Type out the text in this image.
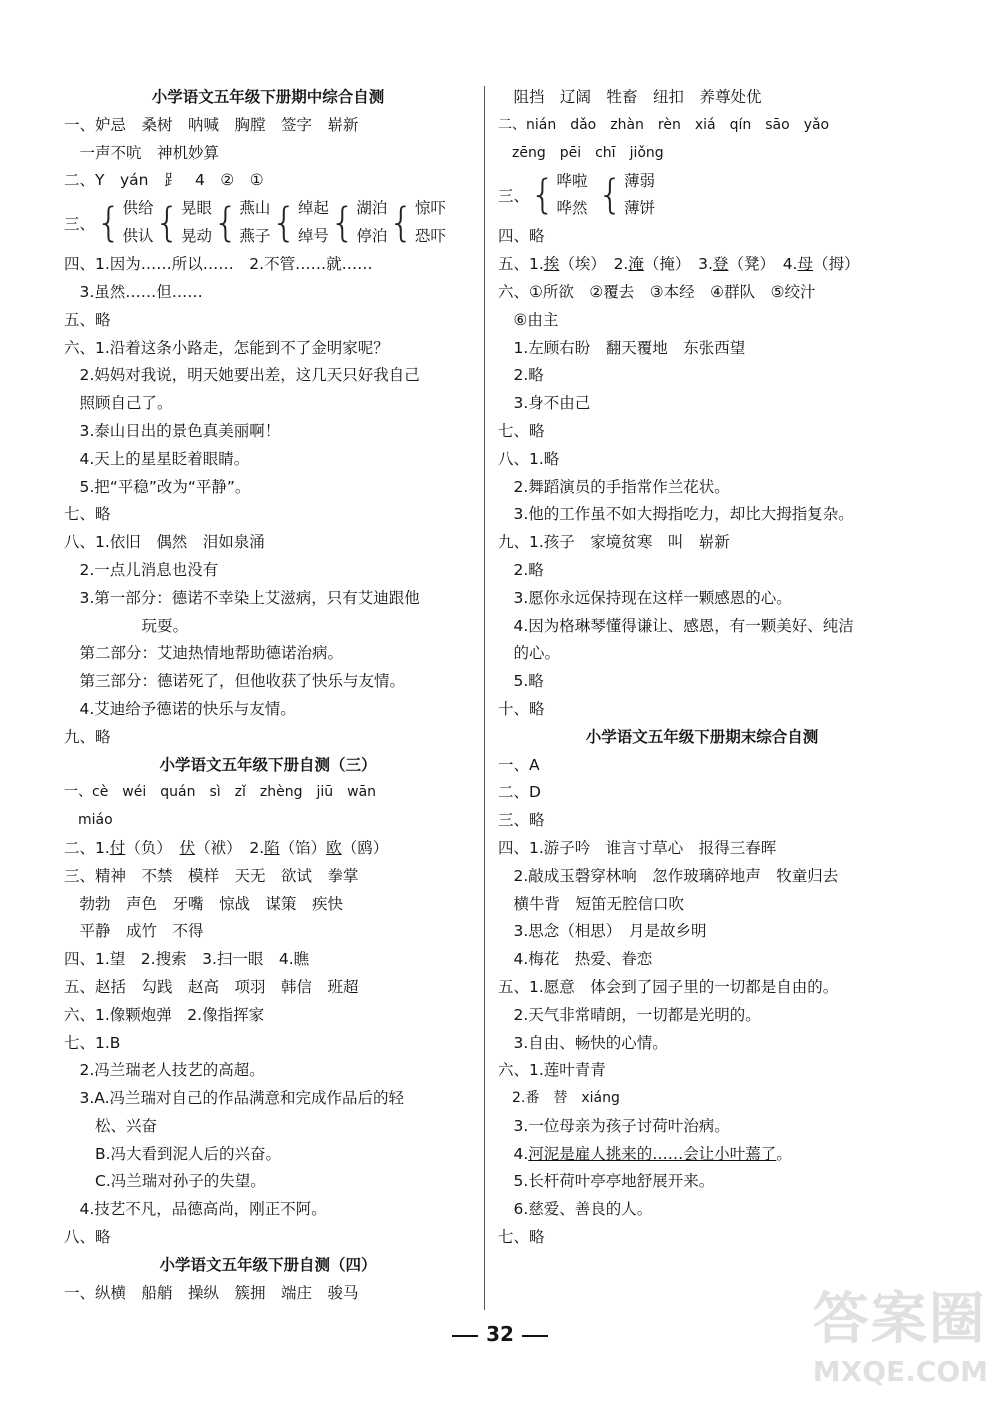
小学语文五年级下册期中综合自测
一、妒忌　桑树　呐喊　胸膛　签字　崭新
　一声不吭　神机妙算
二、Y　yán　⻊　4　②　①
三、 { 供给
供认 { 晃眼
晃动 { 燕山
燕子 { 绰起
绰号 { 湖泊
停泊 { 惊吓
恐吓
四、1.因为……所以……　2.不管……就……
　3.虽然……但……
五、略
六、1.沿着这条小路走，怎能到不了金明家呢？
　2.妈妈对我说，明天她要出差，这几天只好我自己
　照顾自己了。
　3.泰山日出的景色真美丽啊！
　4.天上的星星眨着眼睛。
　5.把“平稳”改为“平静”。
七、略
八、1.依旧　偶然　泪如泉涌
　2.一点儿消息也没有
　3.第一部分：德诺不幸染上艾滋病，只有艾迪跟他
　　　　　玩耍。
　第二部分：艾迪热情地帮助德诺治病。
　第三部分：德诺死了，但他收获了快乐与友情。
　4.艾迪给予德诺的快乐与友情。
九、略
小学语文五年级下册自测（三）
一、cè　wéi　quán　sì　zǐ　zhèng　jiū　wān
　miáo
二、1.付（负）　伏（袱）　2.陷（馅）欧（鸥）
三、精神　不禁　模样　天无　欲试　拳掌
　勃勃　声色　牙嘴　惊战　谋策　疾快
　平静　成竹　不得
四、1.望　2.搜索　3.扫一眼　4.瞧
五、赵括　勾践　赵高　项羽　韩信　班超
六、1.像颗炮弹　2.像指挥家
七、1.B
　2.冯兰瑞老人技艺的高超。
　3.A.冯兰瑞对自己的作品满意和完成作品后的轻
　　松、兴奋
　　B.冯大看到泥人后的兴奋。
　　C.冯兰瑞对孙子的失望。
　4.技艺不凡，品德高尚，刚正不阿。
八、略
小学语文五年级下册自测（四）
一、纵横　船艄　操纵　簇拥　端庄　骏马
　阻挡　辽阔　牲畜　纽扣　养尊处优
二、nián　dǎo　zhàn　rèn　xiá　qín　sāo　yǎo
　zēng　pēi　chī　jiǒng
三、 { 哗啦
哗然 { 薄弱
薄饼
四、略
五、1.挨（埃）　2.淹（掩）　3.登（凳）　4.母（拇）
六、①所欲　②覆去　③本经　④群队　⑤绞汁
　⑥由主
　1.左顾右盼　翻天覆地　东张西望
　2.略
　3.身不由己
七、略
八、1.略
　2.舞蹈演员的手指常作兰花状。
　3.他的工作虽不如大拇指吃力，却比大拇指复杂。
九、1.孩子　家境贫寒　叫　崭新
　2.略
　3.愿你永远保持现在这样一颗感恩的心。
　4.因为格琳琴懂得谦让、感恩，有一颗美好、纯洁
　的心。
　5.略
十、略
小学语文五年级下册期末综合自测
一、A
二、D
三、略
四、1.游子吟　谁言寸草心　报得三春晖
　2.敲成玉磬穿林响　忽作玻璃碎地声　牧童归去
　横牛背　短笛无腔信口吹
　3.思念（相思）　月是故乡明
　4.梅花　热爱、眷恋
五、1.愿意　体会到了园子里的一切都是自由的。
　2.天气非常晴朗，一切都是光明的。
　3.自由、畅快的心情。
六、1.莲叶青青
　2.番　替　xiáng
　3.一位母亲为孩子讨荷叶治病。
　4.河泥是雇人挑来的……会让小叶蔫了。
　5.长杆荷叶亭亭地舒展开来。
　6.慈爱、善良的人。
七、略
32	答案圈
MXQE.COM
